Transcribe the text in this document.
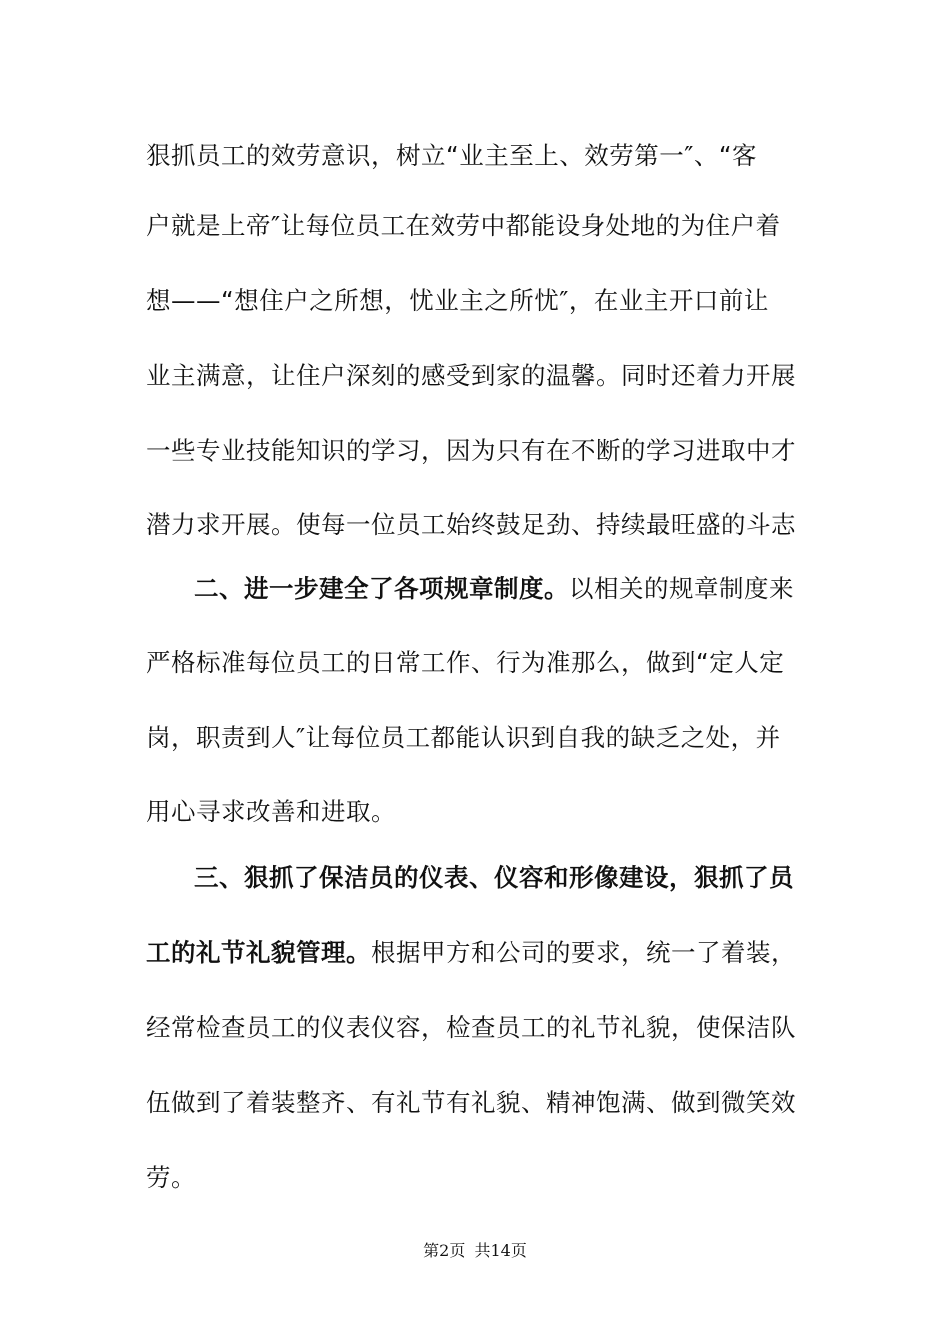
狠抓员工的效劳意识，树立“业主至上、效劳第一″、“客
户就是上帝″让每位员工在效劳中都能设身处地的为住户着
想——“想住户之所想，忧业主之所忧″，在业主开口前让
业主满意，让住户深刻的感受到家的温馨。同时还着力开展
一些专业技能知识的学习，因为只有在不断的学习进取中才
潜力求开展。使每一位员工始终鼓足劲、持续最旺盛的斗志
二、进一步建全了各项规章制度。以相关的规章制度来
严格标准每位员工的日常工作、行为准那么，做到“定人定
岗，职责到人″让每位员工都能认识到自我的缺乏之处，并
用心寻求改善和进取。
三、狠抓了保洁员的仪表、仪容和形像建设，狠抓了员
工的礼节礼貌管理。根据甲方和公司的要求，统一了着装，
经常检查员工的仪表仪容，检查员工的礼节礼貌，使保洁队
伍做到了着装整齐、有礼节有礼貌、精神饱满、做到微笑效
劳。
第2页 共14页
